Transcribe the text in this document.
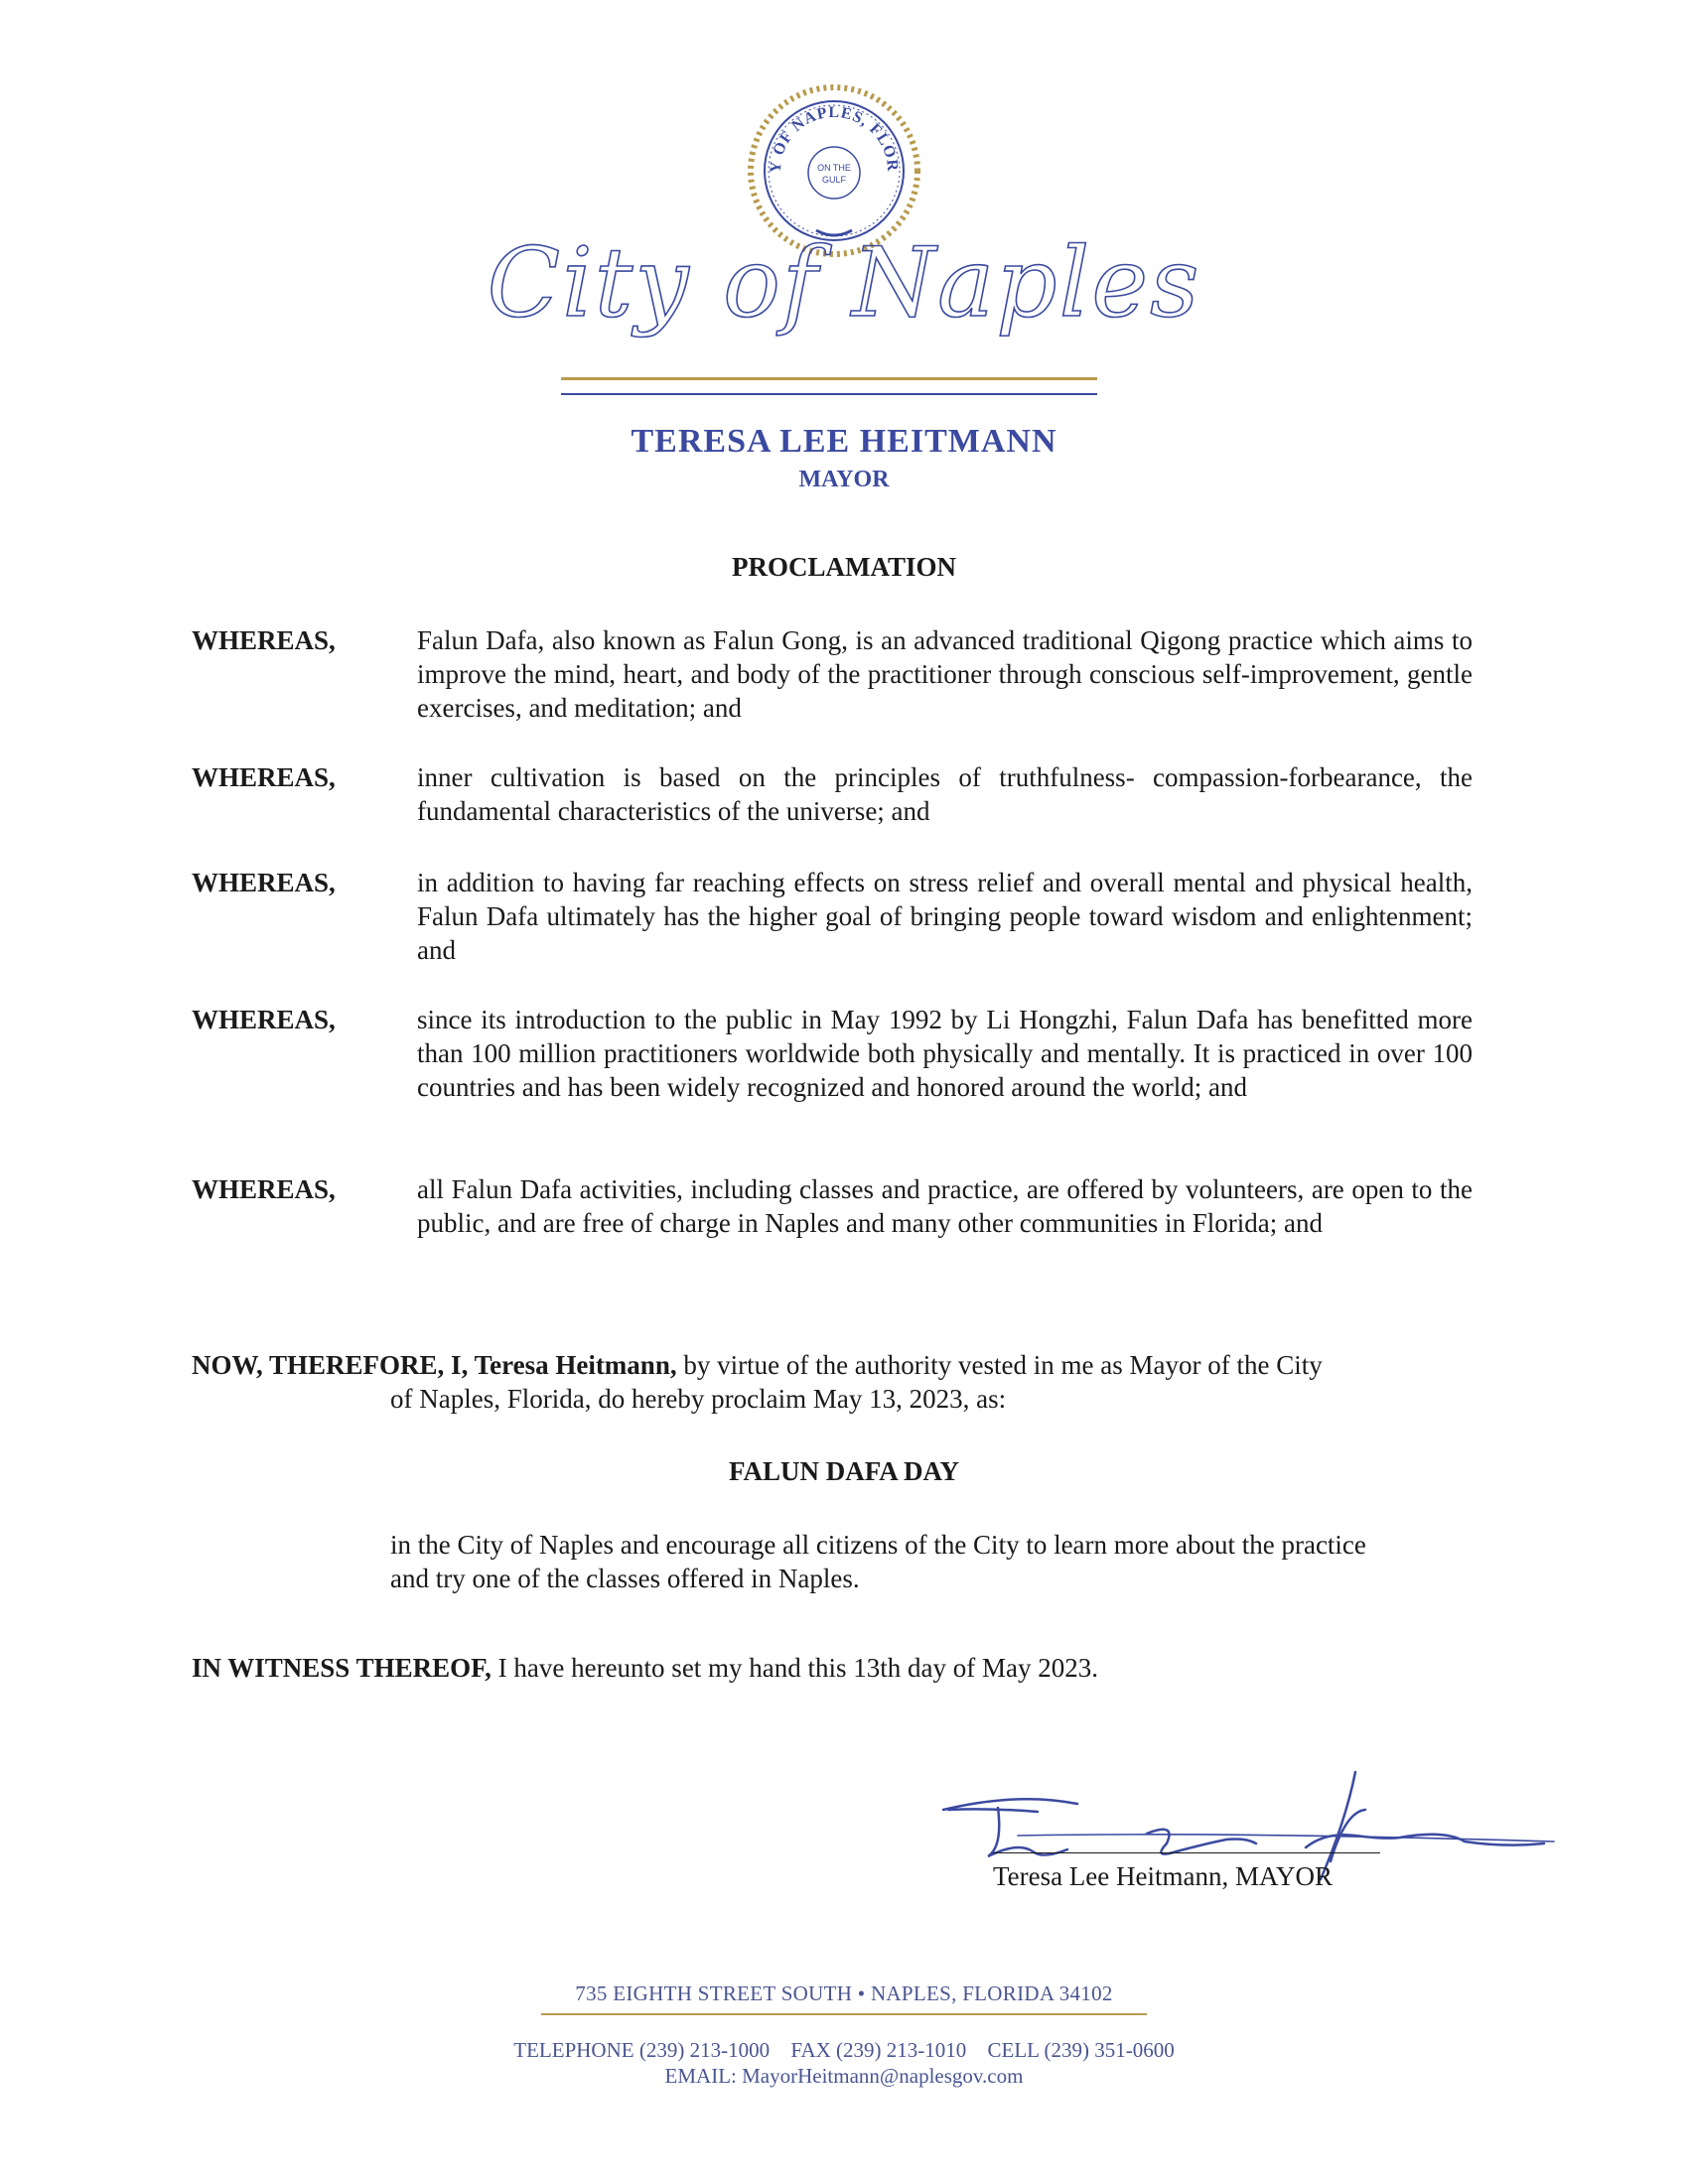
Y OF NAPLES, FLOR
ON THE
GULF
City of Naples
TERESA LEE HEITMANN
MAYOR
PROCLAMATION
WHEREAS,	Falun Dafa, also known as Falun Gong, is an advanced traditional Qigong practice which aims to improve the mind, heart, and body of the practitioner through conscious self-improvement, gentle exercises, and meditation; and
WHEREAS,	inner cultivation is based on the principles of truthfulness- compassion-forbearance, the fundamental characteristics of the universe; and
WHEREAS,	in addition to having far reaching effects on stress relief and overall mental and physical health, Falun Dafa ultimately has the higher goal of bringing people toward wisdom and enlightenment; and
WHEREAS,	since its introduction to the public in May 1992 by Li Hongzhi, Falun Dafa has benefitted more than 100 million practitioners worldwide both physically and mentally. It is practiced in over 100 countries and has been widely recognized and honored around the world; and
WHEREAS,	all Falun Dafa activities, including classes and practice, are offered by volunteers, are open to the public, and are free of charge in Naples and many other communities in Florida; and
NOW, THEREFORE, I, Teresa Heitmann, by virtue of the authority vested in me as Mayor of the City
of Naples, Florida, do hereby proclaim May 13, 2023, as:
FALUN DAFA DAY
in the City of Naples and encourage all citizens of the City to learn more about the practice and try one of the classes offered in Naples.
IN WITNESS THEREOF, I have hereunto set my hand this 13th day of May 2023.
Teresa Lee Heitmann, MAYOR
735 EIGHTH STREET SOUTH • NAPLES, FLORIDA 34102
TELEPHONE (239) 213-1000 FAX (239) 213-1010 CELL (239) 351-0600
EMAIL: MayorHeitmann@naplesgov.com
